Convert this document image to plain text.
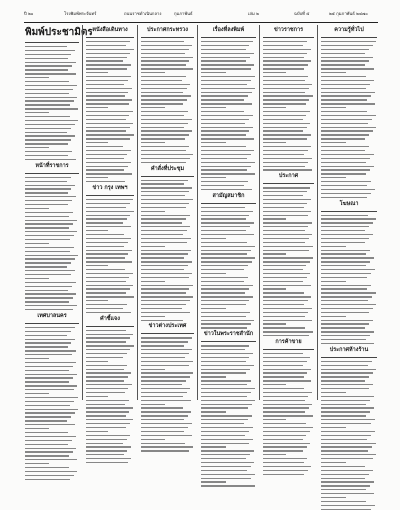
ปี ๒๐	โรงพิมพ์พระจันทร์	ถนนราชดำเนินกลาง	กุมภาพันธ์	เล่ม ๒	ฉบับที่ ๕	๒๕ กุมภาพันธ์ ๒๔๗๐
พิมพ์ประชามิตร
หน้าที่ราชการ
เทศบาลนคร
หนังสือเดินทาง
ข่าว กรุง เทพฯ
คำชี้แจง
ประกาศกระทรวง
คำสั่งที่ประชุม
ข่าวต่างประเทศ
เรื่องที่ลงพิมพ์
สามัญสมาชิก
ข่าวในพระราชสำนัก
ข่าวราชการ
ประกาศ
การค้าขาย
ความรู้ทั่วไป
โฆษณา
ประกาศห้างร้าน
